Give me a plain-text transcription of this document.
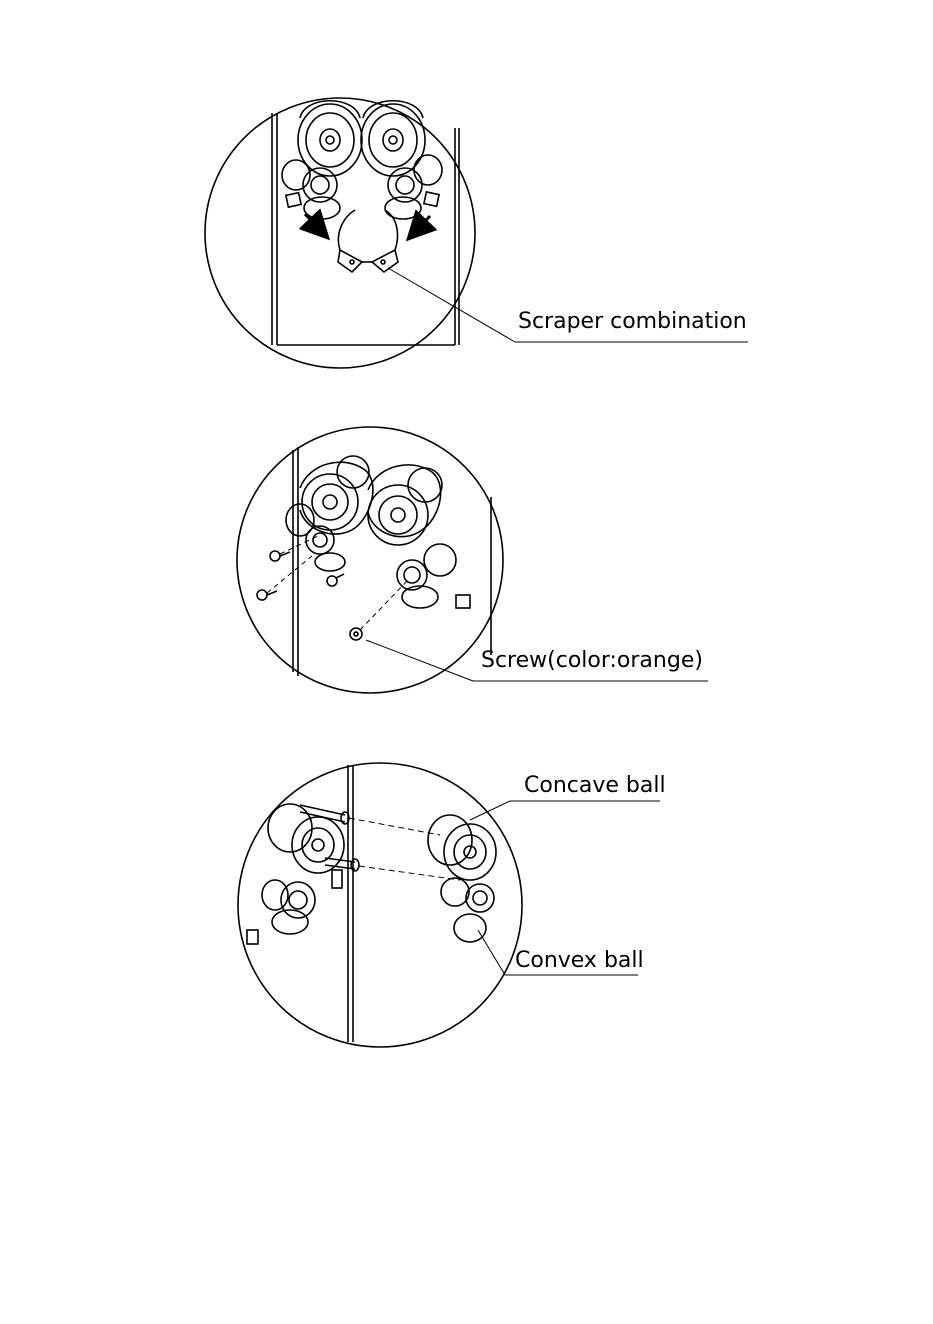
Scraper combination
Screw(color:orange)
Concave ball
Convex ball
